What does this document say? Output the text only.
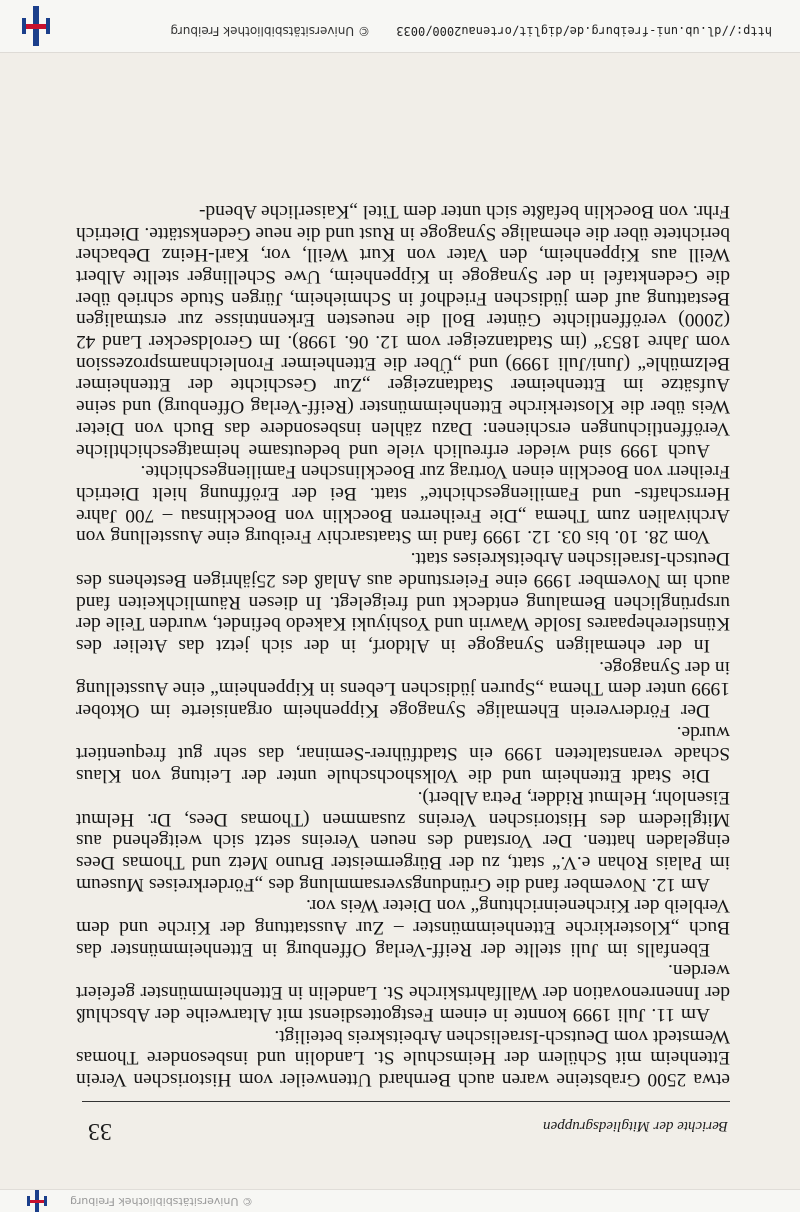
© Universitätsbibliothek Freiburg
Berichte der Mitgliedsgruppen
33

etwa 2500 Grabsteine waren auch Bernhard Uttenweiler vom Historischen Verein Ettenheim mit Schülern der Heimschule St. Landolin und insbesondere Thomas Wemstedt vom Deutsch-Israelischen Arbeitskreis beteiligt.

Am 11. Juli 1999 konnte in einem Festgottesdienst mit Altarweihe der Abschluß der Innenrenovation der Wallfahrtskirche St. Landelin in Ettenheimmünster gefeiert werden.

Ebenfalls im Juli stellte der Reiff-Verlag Offenburg in Ettenheimmünster das Buch „Klosterkirche Ettenheimmünster – Zur Ausstattung der Kirche und dem Verbleib der Kircheneinrichtung“ von Dieter Weis vor.

Am 12. November fand die Gründungsversammlung des „Förderkreises Museum im Palais Rohan e.V.“ statt, zu der Bürgermeister Bruno Metz und Thomas Dees eingeladen hatten. Der Vorstand des neuen Vereins setzt sich weitgehend aus Mitgliedern des Historischen Vereins zusammen (Thomas Dees, Dr. Helmut Eisenlohr, Helmut Ridder, Petra Albert).

Die Stadt Ettenheim und die Volkshochschule unter der Leitung von Klaus Schade veranstalteten 1999 ein Stadtführer-Seminar, das sehr gut frequentiert wurde.

Der Förderverein Ehemalige Synagoge Kippenheim organisierte im Oktober 1999 unter dem Thema „Spuren jüdischen Lebens in Kippenheim“ eine Ausstellung in der Synagoge.

In der ehemaligen Synagoge in Altdorf, in der sich jetzt das Atelier des Künstlerehepaares Isolde Wawrin und Yoshiyuki Kakedo befindet, wurden Teile der ursprünglichen Bemalung entdeckt und freigelegt. In diesen Räumlichkeiten fand auch im November 1999 eine Feierstunde aus Anlaß des 25jährigen Bestehens des Deutsch-Israelischen Arbeitskreises statt.

Vom 28. 10. bis 03. 12. 1999 fand im Staatsarchiv Freiburg eine Ausstellung von Archivalien zum Thema „Die Freiherren Boecklin von Boecklinsau – 700 Jahre Herrschafts- und Familiengeschichte“ statt. Bei der Eröffnung hielt Dietrich Freiherr von Boecklin einen Vortrag zur Boecklinschen Familiengeschichte.

Auch 1999 sind wieder erfreulich viele und bedeutsame heimatgeschichtliche Veröffentlichungen erschienen: Dazu zählen insbesondere das Buch von Dieter Weis über die Klosterkirche Ettenheimmünster (Reiff-Verlag Offenburg) und seine Aufsätze im Ettenheimer Stadtanzeiger „Zur Geschichte der Ettenheimer Belzmühle“ (Juni/Juli 1999) und „Über die Ettenheimer Fronleichnamsprozession vom Jahre 1853“ (im Stadtanzeiger vom 12. 06. 1998). Im Geroldsecker Land 42 (2000) veröffentlichte Günter Boll die neuesten Erkenntnisse zur erstmaligen Bestattung auf dem jüdischen Friedhof in Schmieheim, Jürgen Stude schrieb über die Gedenktafel in der Synagoge in Kippenheim, Uwe Schellinger stellte Albert Weill aus Kippenheim, den Vater von Kurt Weill, vor, Karl-Heinz Debacher berichtete über die ehemalige Synagoge in Rust und die neue Gedenkstätte. Dietrich Frhr. von Boecklin befaßte sich unter dem Titel „Kaiserliche Abend-

http://dl.ub.uni-freiburg.de/diglit/ortenau2000/0033
© Universitätsbibliothek Freiburg
